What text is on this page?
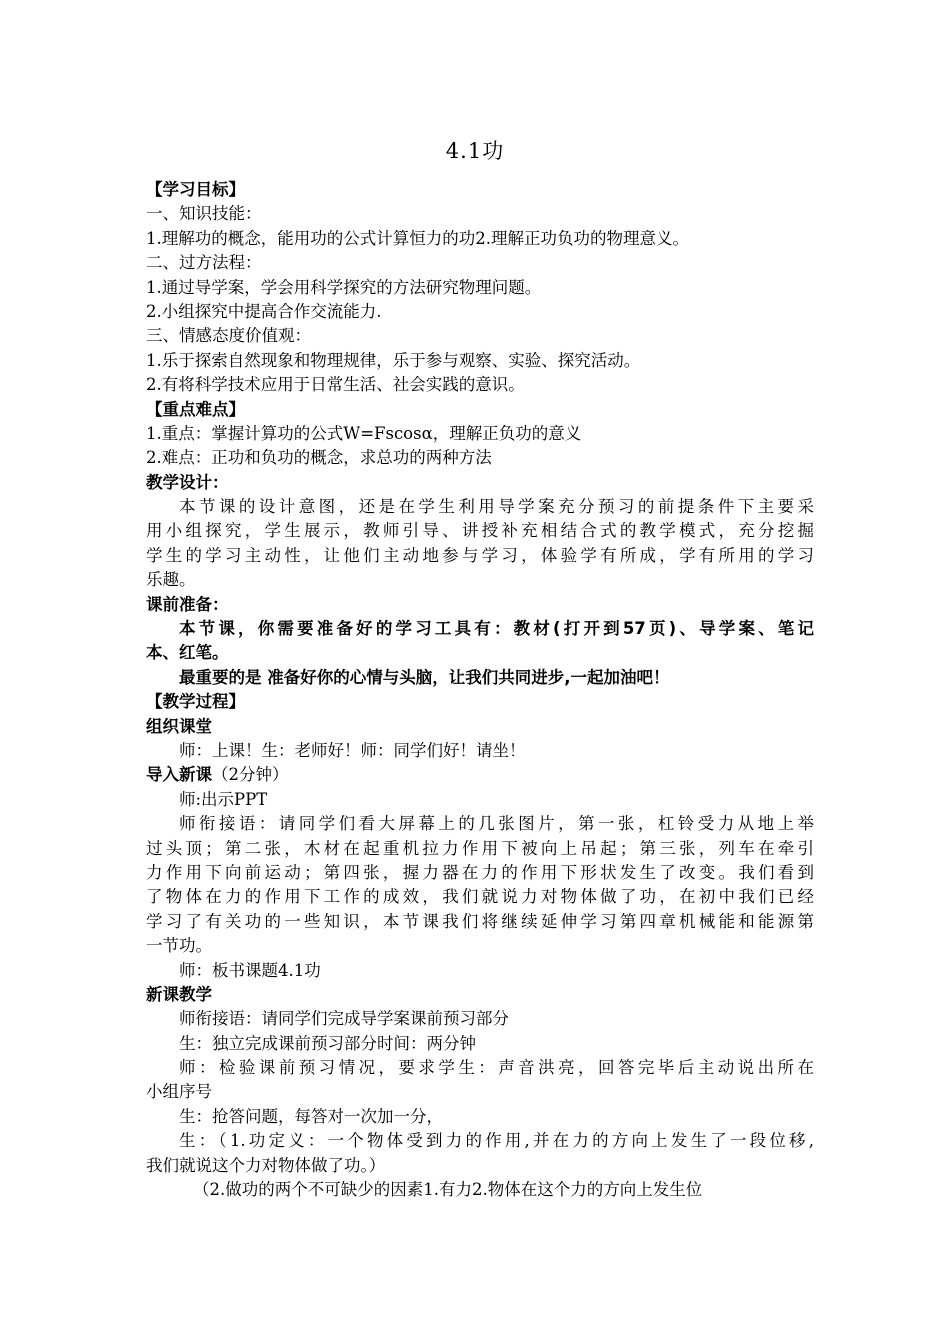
4.1功
【学习目标】
一、知识技能：
1.理解功的概念，能用功的公式计算恒力的功2.理解正功负功的物理意义。
二、过方法程：
1.通过导学案，学会用科学探究的方法研究物理问题。
2.小组探究中提高合作交流能力.
三、情感态度价值观：
1.乐于探索自然现象和物理规律，乐于参与观察、实验、探究活动。
2.有将科学技术应用于日常生活、社会实践的意识。
【重点难点】
1.重点：掌握计算功的公式W=Fscosα，理解正负功的意义
2.难点：正功和负功的概念，求总功的两种方法
教学设计：
本节课的设计意图，还是在学生利用导学案充分预习的前提条件下主要采
用小组探究，学生展示，教师引导、讲授补充相结合式的教学模式，充分挖掘
学生的学习主动性，让他们主动地参与学习，体验学有所成，学有所用的学习
乐趣。
课前准备：
本节课，你需要准备好的学习工具有：教材(打开到57页)、导学案、笔记
本、红笔。
最重要的是 准备好你的心情与头脑，让我们共同进步,一起加油吧！
【教学过程】
组织课堂
师：上课！生：老师好！师：同学们好！请坐！
导入新课（2分钟）
师:出示PPT
师衔接语：请同学们看大屏幕上的几张图片，第一张，杠铃受力从地上举
过头顶；第二张，木材在起重机拉力作用下被向上吊起；第三张，列车在牵引
力作用下向前运动；第四张，握力器在力的作用下形状发生了改变。我们看到
了物体在力的作用下工作的成效，我们就说力对物体做了功，在初中我们已经
学习了有关功的一些知识，本节课我们将继续延伸学习第四章机械能和能源第
一节功。
师：板书课题4.1功
新课教学
师衔接语：请同学们完成导学案课前预习部分
生：独立完成课前预习部分时间：两分钟
师：检验课前预习情况，要求学生：声音洪亮，回答完毕后主动说出所在
小组序号
生：抢答问题，每答对一次加一分，
生：（1.功定义：一个物体受到力的作用,并在力的方向上发生了一段位移,
我们就说这个力对物体做了功。）
（2.做功的两个不可缺少的因素1.有力2.物体在这个力的方向上发生位
